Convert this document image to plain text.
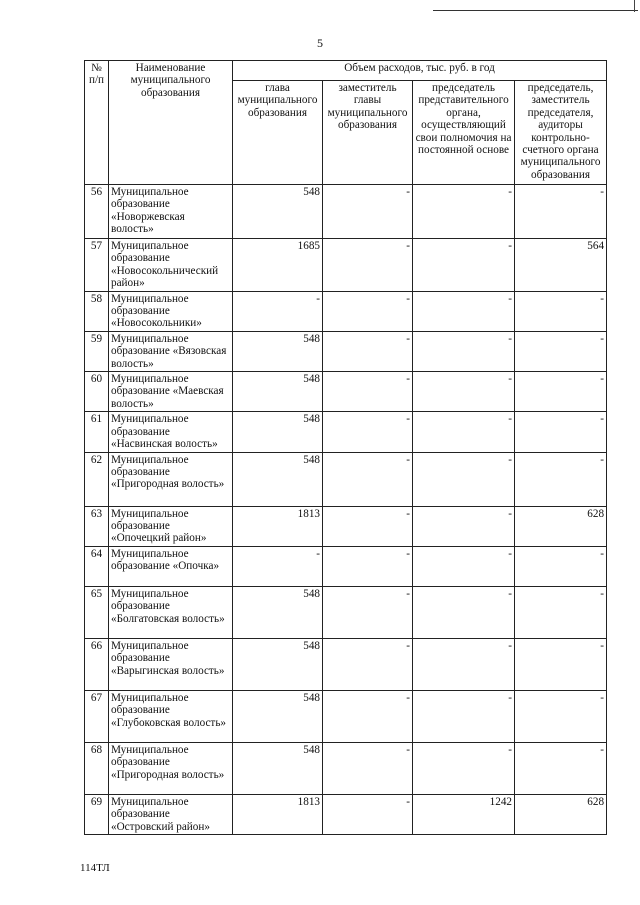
5
№ п/п	Наименование муниципального образования	Объем расходов, тыс. руб. в год			
		глава муниципального образования	заместитель главы муниципального образования	председатель представительного органа, осуществляющий свои полномочия на постоянной основе	председатель, заместитель председателя, аудиторы контрольно-счетного органа муниципального образования
56	Муниципальное образование «Новоржевская волость»	548	-	-	-
57	Муниципальное образование «Новосокольнический район»	1685	-	-	564
58	Муниципальное образование «Новосокольники»	-	-	-	-
59	Муниципальное образование «Вязовская волость»	548	-	-	-
60	Муниципальное образование «Маевская волость»	548	-	-	-
61	Муниципальное образование «Насвинская волость»	548	-	-	-
62	Муниципальное образование «Пригородная волость»	548	-	-	-
63	Муниципальное образование «Опочецкий район»	1813	-	-	628
64	Муниципальное образование «Опочка»	-	-	-	-
65	Муниципальное образование «Болгатовская волость»	548	-	-	-
66	Муниципальное образование «Варыгинская волость»	548	-	-	-
67	Муниципальное образование «Глубоковская волость»	548	-	-	-
68	Муниципальное образование «Пригородная волость»	548	-	-	-
69	Муниципальное образование «Островский район»	1813	-	1242	628
114ТЛ
